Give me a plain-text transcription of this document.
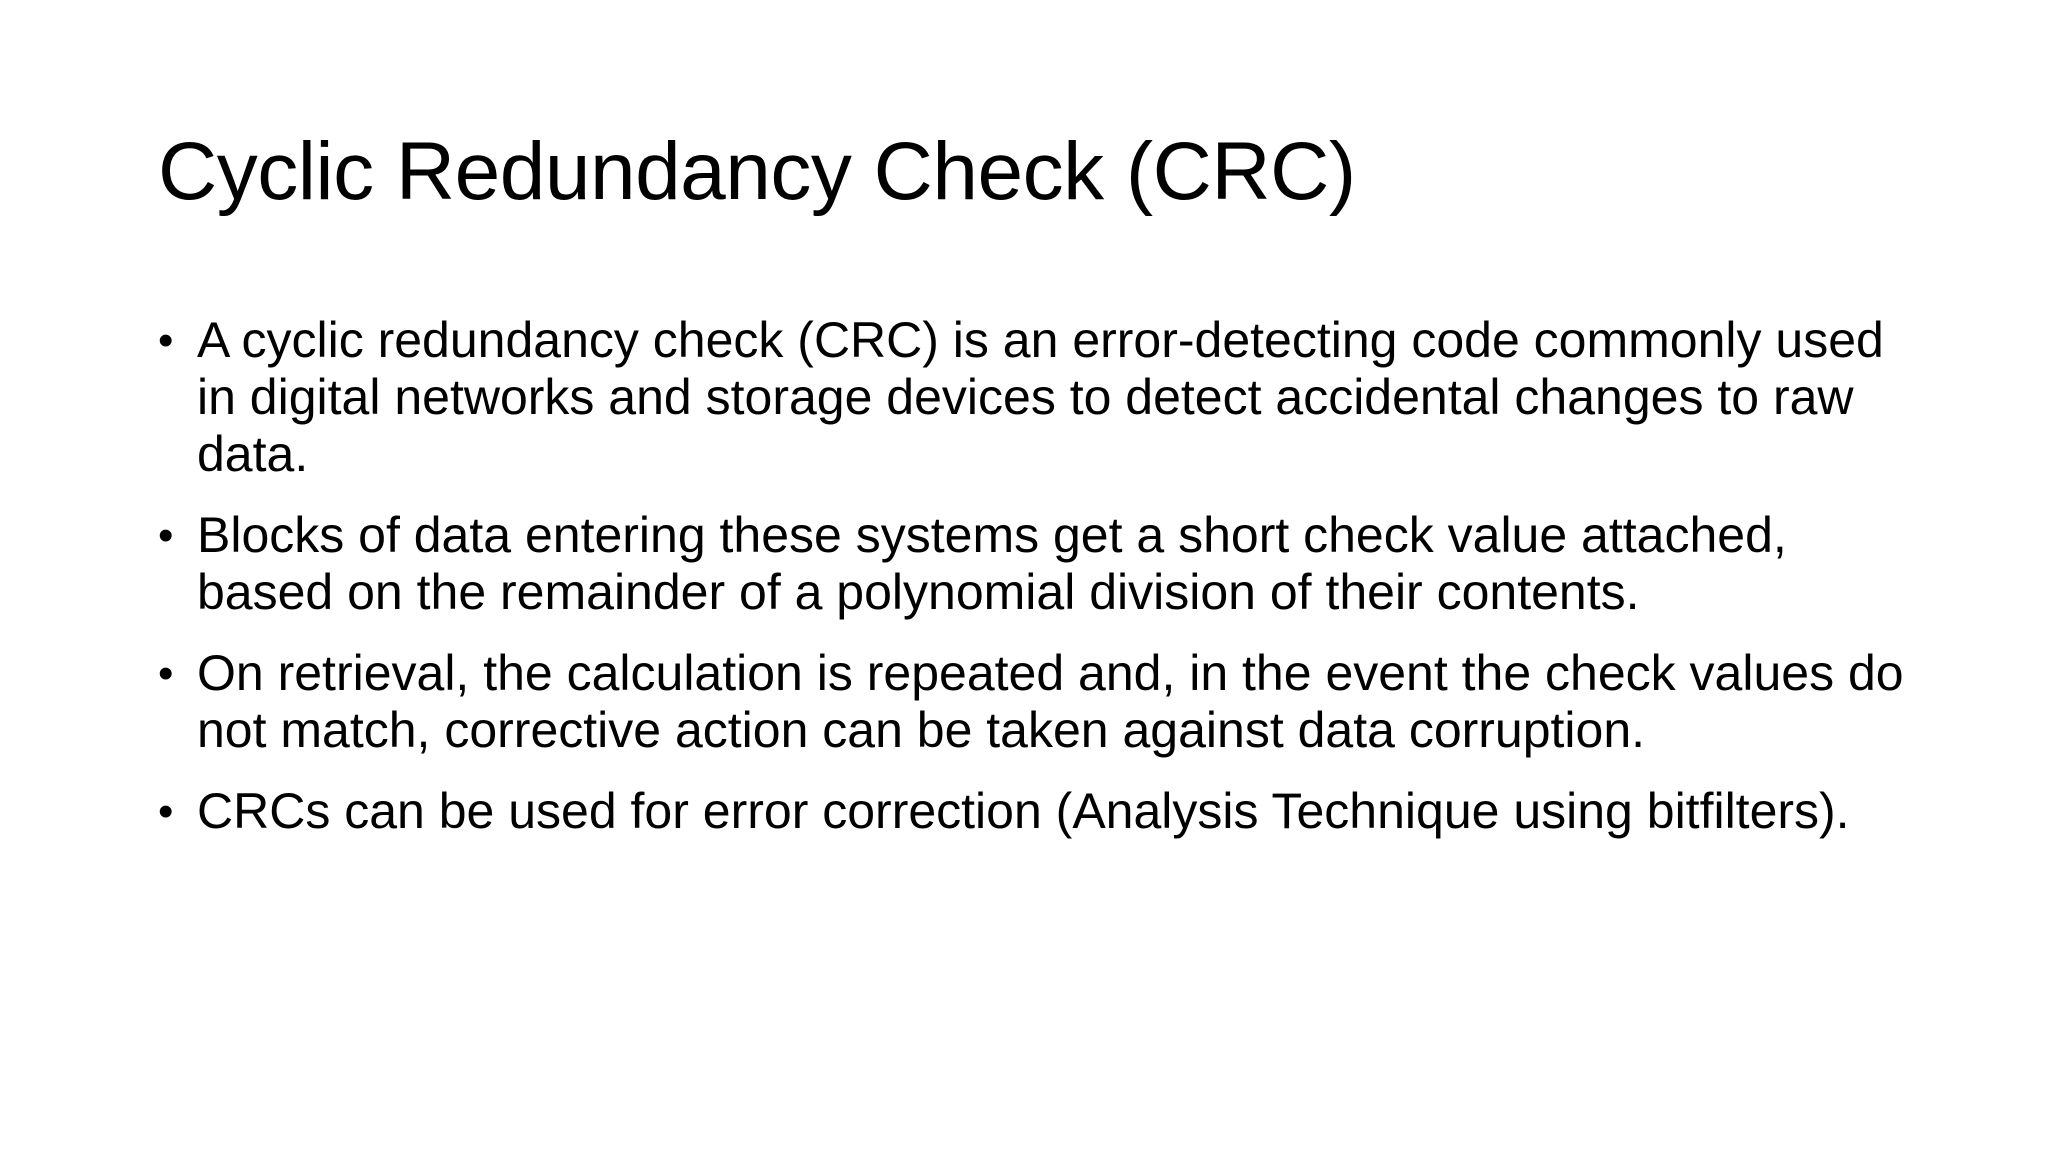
Cyclic Redundancy Check (CRC)
• A cyclic redundancy check (CRC) is an error-detecting code commonly used in digital networks and storage devices to detect accidental changes to raw data.
• Blocks of data entering these systems get a short check value attached, based on the remainder of a polynomial division of their contents.
• On retrieval, the calculation is repeated and, in the event the check values do not match, corrective action can be taken against data corruption.
• CRCs can be used for error correction (Analysis Technique using bitfilters).
